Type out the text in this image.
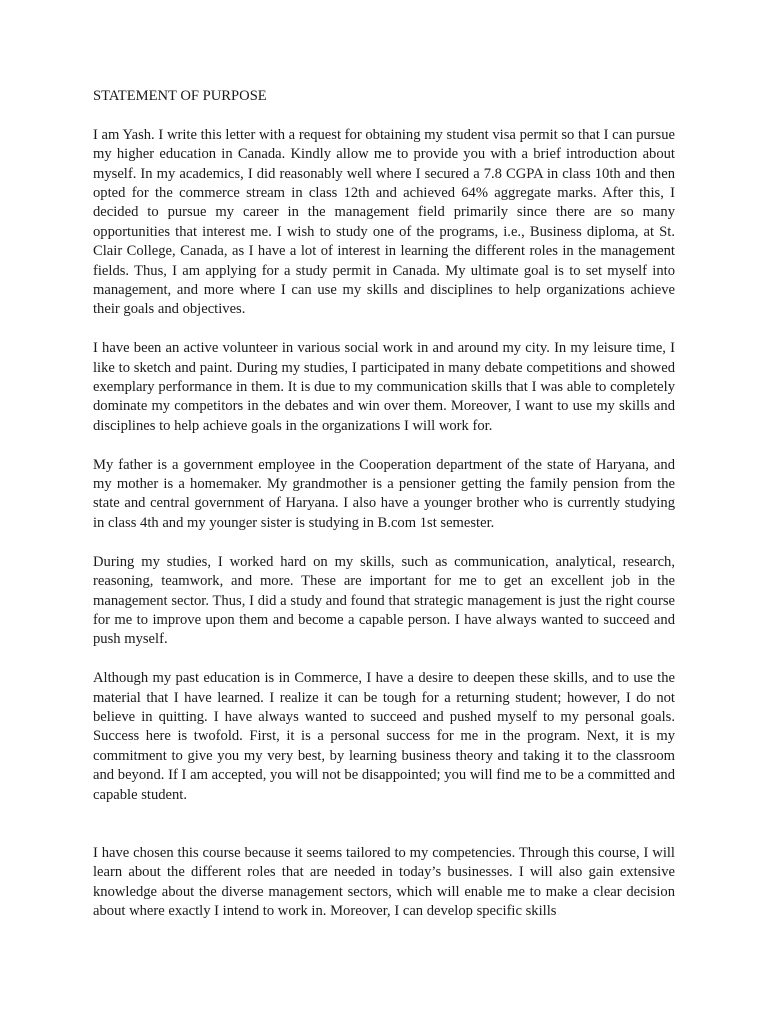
STATEMENT OF PURPOSE

I am Yash. I write this letter with a request for obtaining my student visa permit so that I can pursue my higher education in Canada. Kindly allow me to provide you with a brief introduction about myself. In my academics, I did reasonably well where I secured a 7.8 CGPA in class 10th and then opted for the commerce stream in class 12th and achieved 64% aggregate marks. After this, I decided to pursue my career in the management field primarily since there are so many opportunities that interest me. I wish to study one of the programs, i.e., Business diploma, at St. Clair College, Canada, as I have a lot of interest in learning the different roles in the management fields. Thus, I am applying for a study permit in Canada. My ultimate goal is to set myself into management, and more where I can use my skills and disciplines to help organizations achieve their goals and objectives.

I have been an active volunteer in various social work in and around my city. In my leisure time, I like to sketch and paint. During my studies, I participated in many debate competitions and showed exemplary performance in them. It is due to my communication skills that I was able to completely dominate my competitors in the debates and win over them. Moreover, I want to use my skills and disciplines to help achieve goals in the organizations I will work for.

My father is a government employee in the Cooperation department of the state of Haryana, and my mother is a homemaker. My grandmother is a pensioner getting the family pension from the state and central government of Haryana. I also have a younger brother who is currently studying in class 4th and my younger sister is studying in B.com 1st semester.

During my studies, I worked hard on my skills, such as communication, analytical, research, reasoning, teamwork, and more. These are important for me to get an excellent job in the management sector. Thus, I did a study and found that strategic management is just the right course for me to improve upon them and become a capable person. I have always wanted to succeed and push myself.

Although my past education is in Commerce, I have a desire to deepen these skills, and to use the material that I have learned. I realize it can be tough for a returning student; however, I do not believe in quitting. I have always wanted to succeed and pushed myself to my personal goals. Success here is twofold. First, it is a personal success for me in the program. Next, it is my commitment to give you my very best, by learning business theory and taking it to the classroom and beyond. If I am accepted, you will not be disappointed; you will find me to be a committed and capable student.

I have chosen this course because it seems tailored to my competencies. Through this course, I will learn about the different roles that are needed in today’s businesses. I will also gain extensive knowledge about the diverse management sectors, which will enable me to make a clear decision about where exactly I intend to work in. Moreover, I can develop specific skills
